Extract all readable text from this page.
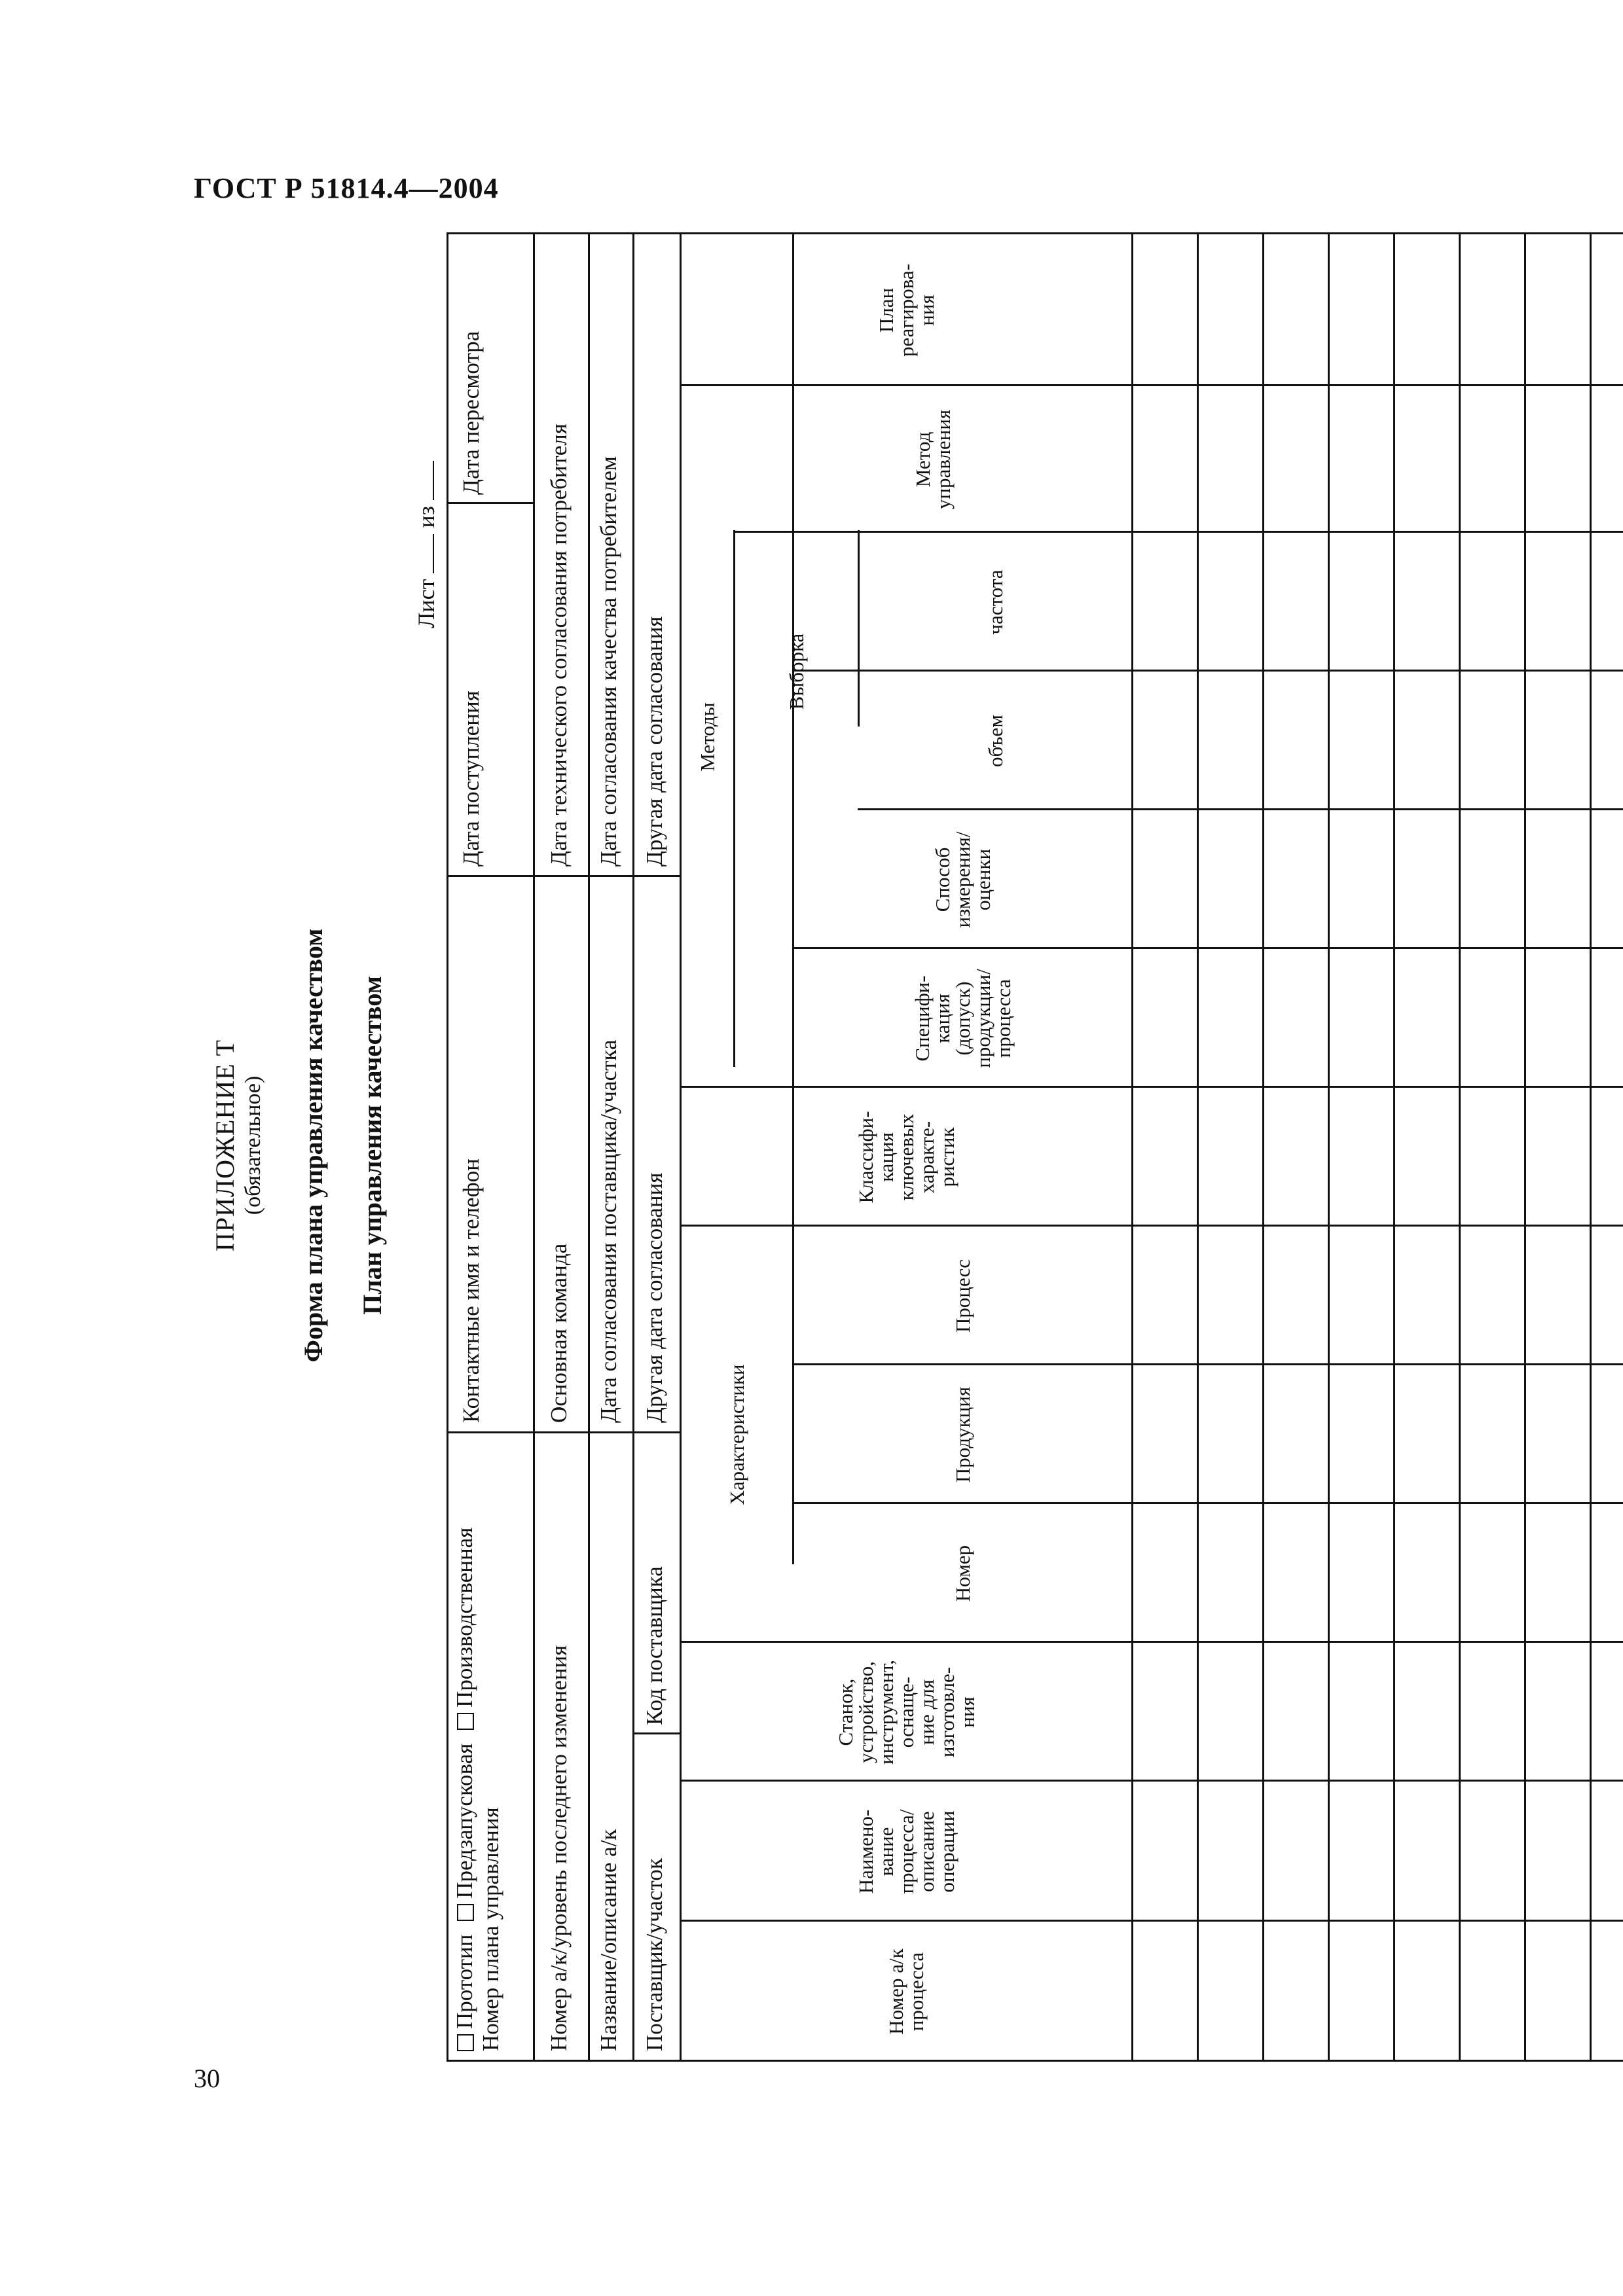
ГОСТ Р 51814.4—2004
30
ПРИЛОЖЕНИЕ Т (обязательное) Форма плана управления качеством План управления качеством
Лист  из
Прототип Предзапусковая Производственная
Номер плана управления
Контактные имя и телефон
Дата поступления
Дата пересмотра
Номер а/к/уровень последнего изменения
Основная команда
Дата технического согласования потребителя
Название/описание а/к
Дата согласования поставщика/участка
Дата согласования качества потребителем
Поставщик/участок
Код поставщика
Другая дата согласования
Другая дата согласования
Номер а/к
процесса
Наимено-
вание
процесса/
описание
операции
Станок,
устройство,
инструмент,
оснаще-
ние для
изготовле-
ния
Характеристики
Номер
Продукция
Процесс
Классифи-
кация
ключевых
характе-
ристик
Методы
Специфи-
кация
(допуск)
продукции/
процесса
Способ
измерения/
оценки
Выборка
объем
частота
Метод
управления
План
реагирова-
ния
